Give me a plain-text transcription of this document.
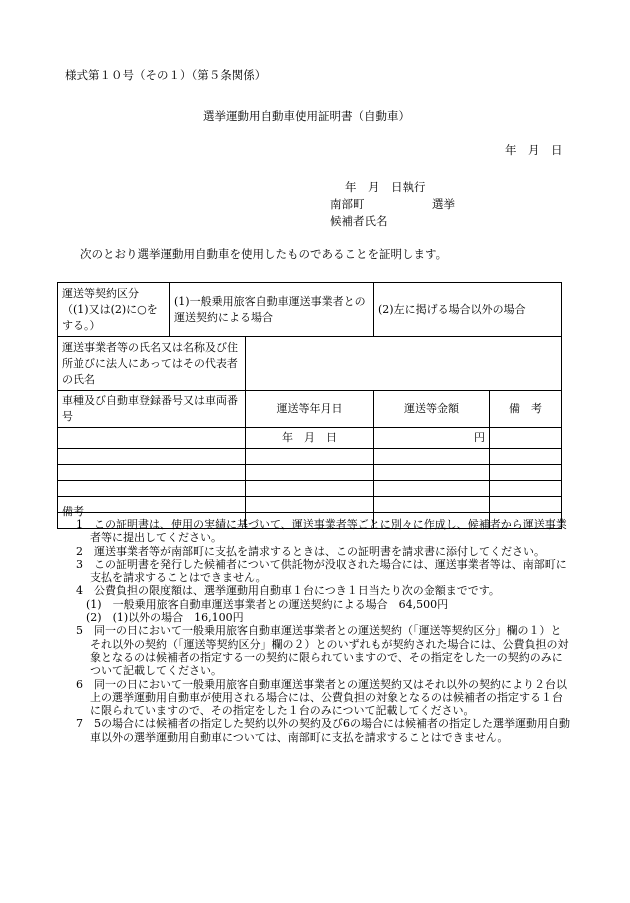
様式第１０号（その１）（第５条関係）
選挙運動用自動車使用証明書（自動車）
年　月　日
年　月　日執行
南部町	選挙
候補者氏名
次のとおり選挙運動用自動車を使用したものであることを証明します。
運送等契約区分（(1)又は(2)に○をする。）	(1)一般乗用旅客自動車運送事業者との運送契約による場合		(2)左に掲げる場合以外の場合	
運送事業者等の氏名又は名称及び住所並びに法人にあってはその代表者の氏名				
車種及び自動車登録番号又は車両番号		運送等年月日	運送等金額	備　考
		年　月　日	円	

備考

1　この証明書は、使用の実績に基づいて、運送事業者等ごとに別々に作成し、候補者から運送事業者等に提出してください。

2　運送事業者等が南部町に支払を請求するときは、この証明書を請求書に添付してください。

3　この証明書を発行した候補者について供託物が没収された場合には、運送事業者等は、南部町に支払を請求することはできません。

4　公費負担の限度額は、選挙運動用自動車１台につき１日当たり次の金額までです。

(1)　一般乗用旅客自動車運送事業者との運送契約による場合　64,500円

(2)　(1)以外の場合　16,100円

5　同一の日において一般乗用旅客自動車運送事業者との運送契約（「運送等契約区分」欄の１）とそれ以外の契約（「運送等契約区分」欄の２）とのいずれもが契約された場合には、公費負担の対象となるのは候補者の指定する一の契約に限られていますので、その指定をした一の契約のみについて記載してください。

6　同一の日において一般乗用旅客自動車運送事業者との運送契約又はそれ以外の契約により２台以上の選挙運動用自動車が使用される場合には、公費負担の対象となるのは候補者の指定する１台に限られていますので、その指定をした１台のみについて記載してください。

7　5の場合には候補者の指定した契約以外の契約及び6の場合には候補者の指定した選挙運動用自動車以外の選挙運動用自動車については、南部町に支払を請求することはできません。
